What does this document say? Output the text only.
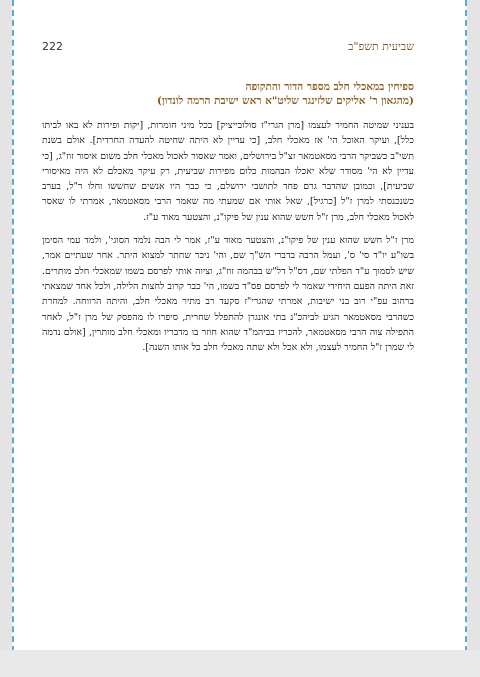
222	שביעית תשפ"ב
ספיחין במאכלי חלב מספר הדור והתקופה
(מהגאון ר' אליקים שלזינגר שליט"א ראש ישיבת הרמה לונדון)

בעניני שמיטה החמיר לעצמו [מרן הגרי"ז סולובייציק] בכל מיני חומרות, [יקות ופירות לא באו לביתו כלל], ועיקר האוכל הי' אז מאכלי חלב, [כי עדיין לא היתה שחיטה להעדה החרדית]. אולם בשנת תשי"ב כשביקר הרבי מסאטמאר זצ"ל בירושלים, ואמר שאסור לאכול מאכלי חלב משום איסור זוז"ג, [כי עדיין לא הי' מסודר שלא יאכלו הבהמות כלום מפירות שביעית, רק עיקר מאכלם לא היה מאיסורי שביעית], וכמובן שהדבר גרם פחד לתושבי ירושלם, כי כבר היו אנשים שחששו וחלו ר"ל, בערב כשנכנסתי למרן ז"ל [כרגיל], שאל אותי אם שמעתי מה שאמר הרבי מסאטמאר, אמרתי לו שאסר לאכול מאכלי חלב, מרן ז"ל חשש שהוא ענין של פיקו"נ, והצטער מאוד ע"ז.

מרן ז"ל חשש שהוא ענין של פיקו"נ, והצטער מאוד ע"ז, אמר לי הבה נלמד הסוגי', ולמד עמי הסימן בשו"ע יו"ד סי' ס', ועמל הרבה בדברי הש"ך שם, והי' ניכר שחתר למצוא היתר. אחר שעתיים אמר, שיש לסמוך ע"ד הפלתי שם, דס"ל דל"ש בבהמה זוז"ג, וציוה אותי לפרסם בשמו שמאכלי חלב מותרים. זאת היתה הפעם היחידי שאמר לי לפרסם פס"ד בשמו, הי' כבר קרוב לחצות הלילה, ולכל אחד שמצאתי ברחוב עפ"י רוב בני ישיבות, אמרתי שהגרי"ז סקעד רב מתיר מאכלי חלב, והיתה הרווחה. למחרת כשהרבי מסאטמאר הגיע לביהכ"נ בתי אונגרן להתפלל שחרית, סיפרו לו מהפסק של מרן ז"ל, לאחר התפילה צוה הרבי מסאטמאר, להכריז בביהמ"ד שהוא חוזר בו מדבריו ומאכלי חלב מותרין, [אולם נדמה לי שמרן ז"ל החמיר לעצמו, ולא אכל ולא שתה מאכלי חלב כל אותו השנה].
